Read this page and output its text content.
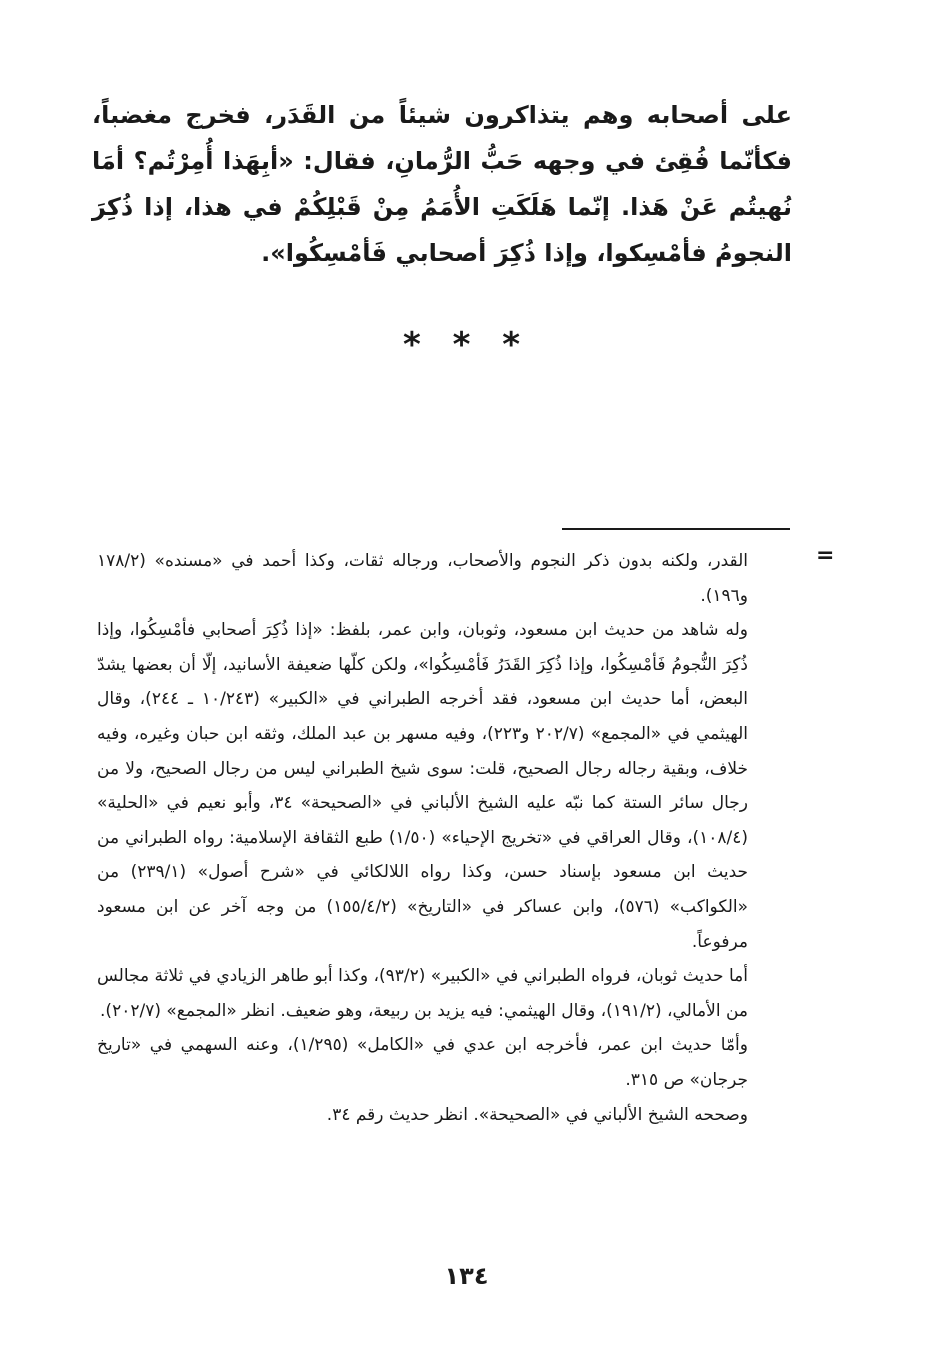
على أصحابه وهم يتذاكرون شيئاً من القَدَر، فخرج مغضباً، فكأنّما فُقِئ في وجهه حَبُّ الرُّمانِ، فقال: «أبِهَذا أُمِرْتُم؟ أمَا نُهيتُم عَنْ هَذا. إنّما هَلَكَتِ الأُمَمُ مِنْ قَبْلِكُمْ في هذا، إذا ذُكِرَ النجومُ فأمْسِكوا، وإذا ذُكِرَ أصحابي فَأمْسِكُوا».

* * *
=

القدر، ولكنه بدون ذكر النجوم والأصحاب، ورجاله ثقات، وكذا أحمد في «مسنده» (١٧٨/٢ و١٩٦).

وله شاهد من حديث ابن مسعود، وثوبان، وابن عمر، بلفظ: «إذا ذُكِرَ أصحابي فأمْسِكُوا، وإذا ذُكِرَ النُّجومُ فَأمْسِكُوا، وإذا ذُكِرَ القَدَرُ فَأمْسِكُوا»، ولكن كلّها ضعيفة الأسانيد، إلّا أن بعضها يشدّ البعض، أما حديث ابن مسعود، فقد أخرجه الطبراني في «الكبير» (١٠/٢٤٣ ـ ٢٤٤)، وقال الهيثمي في «المجمع» (٢٠٢/٧ و٢٢٣)، وفيه مسهر بن عبد الملك، وثقه ابن حبان وغيره، وفيه خلاف، وبقية رجاله رجال الصحيح، قلت: سوى شيخ الطبراني ليس من رجال الصحيح، ولا من رجال سائر الستة كما نبّه عليه الشيخ الألباني في «الصحيحة» ٣٤، وأبو نعيم في «الحلية» (١٠٨/٤)، وقال العراقي في «تخريج الإحياء» (١/٥٠) طبع الثقافة الإسلامية: رواه الطبراني من حديث ابن مسعود بإسناد حسن، وكذا رواه اللالكائي في «شرح أصول» (٢٣٩/١) من «الكواكب» (٥٧٦)، وابن عساكر في «التاريخ» (١٥٥/٤/٢) من وجه آخر عن ابن مسعود مرفوعاً.

أما حديث ثوبان، فرواه الطبراني في «الكبير» (٩٣/٢)، وكذا أبو طاهر الزيادي في ثلاثة مجالس من الأمالي، (١٩١/٢)، وقال الهيثمي: فيه يزيد بن ربيعة، وهو ضعيف. انظر «المجمع» (٢٠٢/٧).

وأمّا حديث ابن عمر، فأخرجه ابن عدي في «الكامل» (١/٢٩٥)، وعنه السهمي في «تاريخ جرجان» ص ٣١٥.

وصححه الشيخ الألباني في «الصحيحة». انظر حديث رقم ٣٤.

١٣٤
